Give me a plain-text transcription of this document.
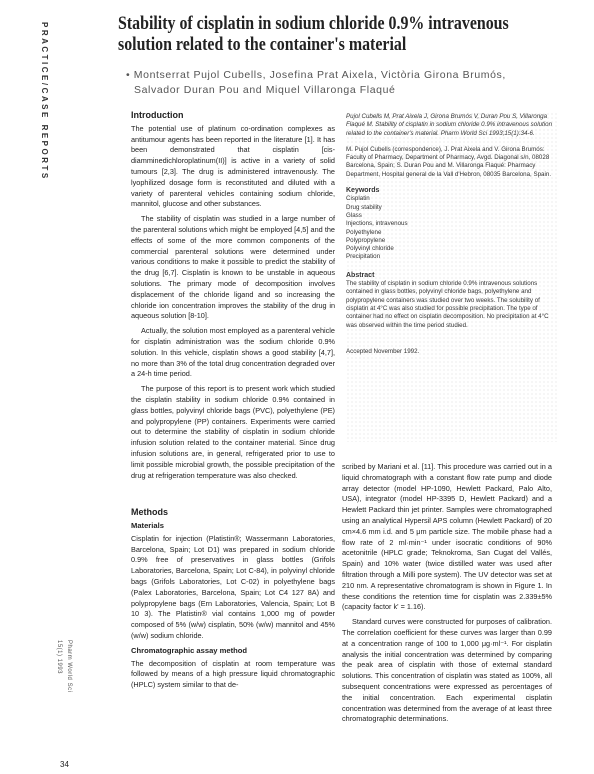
PRACTICE/CASE REPORTS	Stability of cisplatin in sodium chloride 0.9% intravenous solution related to the container's material
• Montserrat Pujol Cubells, Josefina Prat Aixela, Victòria Girona Brumós,
Salvador Duran Pou and Miquel Villaronga Flaqué
Introduction

The potential use of platinum co-ordination complexes as antitumour agents has been reported in the literature [1]. It has been demonstrated that cisplatin [cis-diamminedichloroplatinum(II)] is active in a variety of solid tumours [2,3]. The drug is administered intravenously. The lyophilized dosage form is reconstituted and diluted with a variety of parenteral vehicles containing sodium chloride, mannitol, glucose and other substances.

The stability of cisplatin was studied in a large number of the parenteral solutions which might be employed [4,5] and the effects of some of the more common components of the commercial parenteral solutions were determined under various conditions to make it possible to predict the stability of the drug [6,7]. Cisplatin is known to be unstable in aqueous solutions. The primary mode of decomposition involves displacement of the chloride ligand and so increasing the chloride ion concentration improves the stability of the drug in aqueous solution [8-10].

Actually, the solution most employed as a parenteral vehicle for cisplatin administration was the sodium chloride 0.9% solution. In this vehicle, cisplatin shows a good stability [4,7], no more than 3% of the total drug concentration degraded over a 24-h time period.

The purpose of this report is to present work which studied the cisplatin stability in sodium chloride 0.9% contained in glass bottles, polyvinyl chloride bags (PVC), polyethylene (PE) and polypropylene (PP) containers. Experiments were carried out to determine the stability of cisplatin in sodium chloride infusion solution related to the container material. Since drug infusion solutions are, in general, refrigerated prior to use to limit possible microbial growth, the possible precipitation of the drug at refrigeration temperature was also checked.

Methods
Materials

Cisplatin for injection (Platistin®; Wassermann Laboratories, Barcelona, Spain; Lot D1) was prepared in sodium chloride 0.9% free of preservatives in glass bottles (Grifols Laboratories, Barcelona, Spain; Lot C-84), in polyvinyl chloride bags (Grifols Laboratories, Lot C-02) in polyethylene bags (Palex Laboratories, Barcelona, Spain; Lot C4 127 8A) and polypropylene bags (Ern Laboratories, Valencia, Spain; Lot B 10 3). The Platistin® vial contains 1,000 mg of powder composed of 5% (w/w) cisplatin, 50% (w/w) mannitol and 45% (w/w) sodium chloride.

Chromatographic assay method

The decomposition of cisplatin at room temperature was followed by means of a high pressure liquid chromatographic (HPLC) system similar to that de-

Pujol Cubells M, Prat Aixela J, Girona Brumós V, Duran Pou S, Villaronga Flaqué M. Stability of cisplatin in sodium chloride 0.9% intravenous solution related to the container's material. Pharm World Sci 1993;15(1):34-6.
M. Pujol Cubells (correspondence), J. Prat Aixela and V. Girona Brumós: Faculty of Pharmacy, Department of Pharmacy, Avgd. Diagonal s/n, 08028 Barcelona, Spain; S. Duran Pou and M. Villaronga Flaqué: Pharmacy Department, Hospital general de la Vall d'Hebron, 08035 Barcelona, Spain.
Keywords
Cisplatin
Drug stability
Glass
Injections, intravenous
Polyethylene
Polypropylene
Polyvinyl chloride
Precipitation
Abstract
The stability of cisplatin in sodium chloride 0.9% intravenous solutions contained in glass bottles, polyvinyl chloride bags, polyethylene and polypropylene containers was studied over two weeks. The solubility of cisplatin at 4°C was also studied for possible precipitation. The type of container had no effect on cisplatin decomposition. No precipitation at 4°C was observed within the time period studied.
Accepted November 1992.

scribed by Mariani et al. [11]. This procedure was carried out in a liquid chromatograph with a constant flow rate pump and diode array detector (model HP-1090, Hewlett Packard, Palo Alto, USA), integrator (model HP-3395 D, Hewlett Packard) and a Hewlett Packard thin jet printer. Samples were chromatographed using an analytical Hypersil APS column (Hewlett Packard) of 20 cm×4.6 mm i.d. and 5 μm particle size. The mobile phase had a flow rate of 2 ml·min⁻¹ under isocratic conditions of 90% acetonitrile (HPLC grade; Teknokroma, San Cugat del Vallés, Spain) and 10% water (twice distilled water was used after filtration through a Milli pore system). The UV detector was set at 210 nm. A representative chromatogram is shown in Figure 1. In these conditions the retention time for cisplatin was 2.339±5% (capacity factor k' = 1.16).

Standard curves were constructed for purposes of calibration. The correlation coefficient for these curves was larger than 0.99 at a concentration range of 100 to 1,000 μg·ml⁻¹. For cisplatin analysis the initial concentration was determined by comparing the peak area of cisplatin with those of external standard solutions. This concentration of cisplatin was stated as 100%, all subsequent concentrations were expressed as percentages of the initial concentration. Each experimental cisplatin concentration was determined from the average of at least three chromatographic determinations.

Pharm World Sci
15(1) 1993
34
